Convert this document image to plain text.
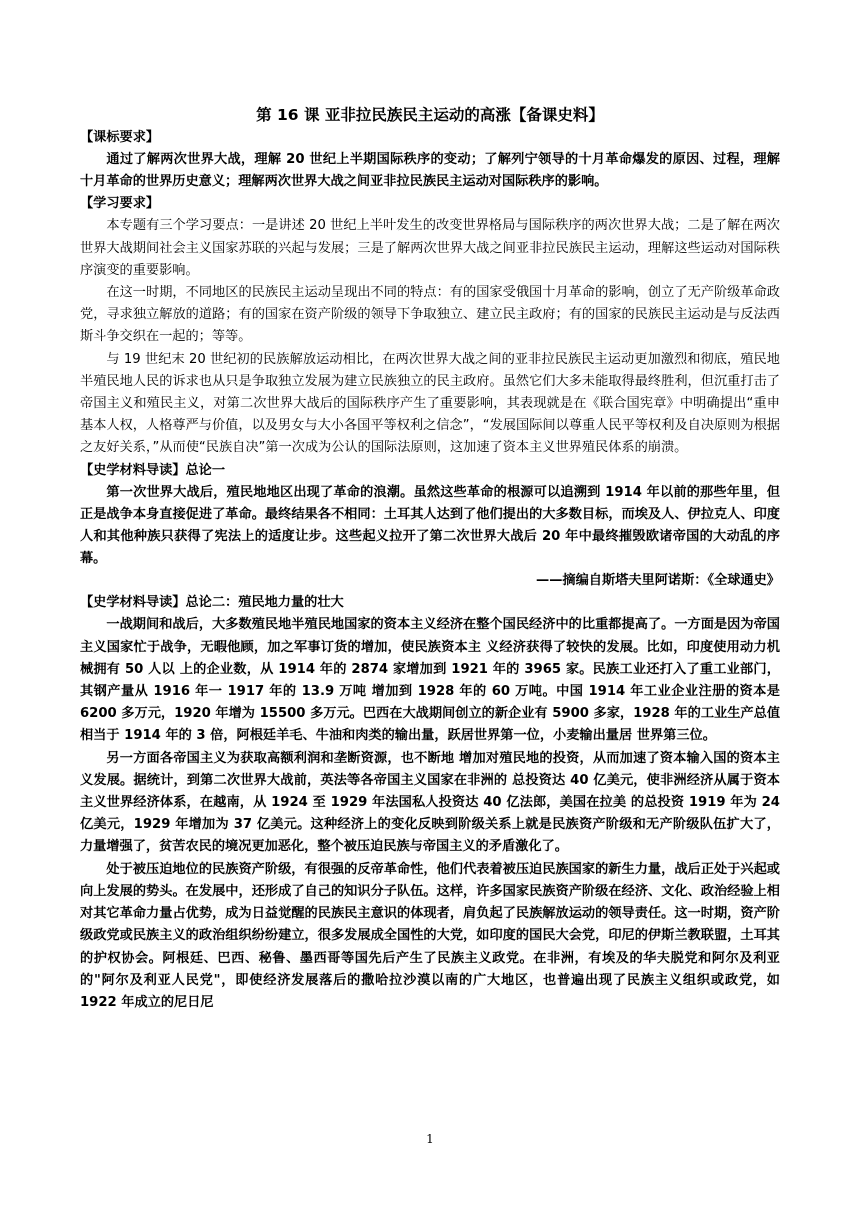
第 16 课 亚非拉民族民主运动的高涨【备课史料】

【课标要求】

通过了解两次世界大战，理解 20 世纪上半期国际秩序的变动；了解列宁领导的十月革命爆发的原因、过程，理解十月革命的世界历史意义；理解两次世界大战之间亚非拉民族民主运动对国际秩序的影响。

【学习要求】

本专题有三个学习要点：一是讲述 20 世纪上半叶发生的改变世界格局与国际秩序的两次世界大战；二是了解在两次世界大战期间社会主义国家苏联的兴起与发展；三是了解两次世界大战之间亚非拉民族民主运动，理解这些运动对国际秩序演变的重要影响。

在这一时期，不同地区的民族民主运动呈现出不同的特点：有的国家受俄国十月革命的影响，创立了无产阶级革命政党，寻求独立解放的道路；有的国家在资产阶级的领导下争取独立、建立民主政府；有的国家的民族民主运动是与反法西斯斗争交织在一起的；等等。

与 19 世纪末 20 世纪初的民族解放运动相比，在两次世界大战之间的亚非拉民族民主运动更加激烈和彻底，殖民地半殖民地人民的诉求也从只是争取独立发展为建立民族独立的民主政府。虽然它们大多未能取得最终胜利，但沉重打击了帝国主义和殖民主义，对第二次世界大战后的国际秩序产生了重要影响，其表现就是在《联合国宪章》中明确提出“重申基本人权，人格尊严与价值，以及男女与大小各国平等权利之信念”，“发展国际间以尊重人民平等权利及自决原则为根据之友好关系，”从而使“民族自决”第一次成为公认的国际法原则，这加速了资本主义世界殖民体系的崩溃。

【史学材料导读】总论一

第一次世界大战后，殖民地地区出现了革命的浪潮。虽然这些革命的根源可以追溯到 1914 年以前的那些年里，但正是战争本身直接促进了革命。最终结果各不相同：土耳其人达到了他们提出的大多数目标，而埃及人、伊拉克人、印度人和其他种族只获得了宪法上的适度让步。这些起义拉开了第二次世界大战后 20 年中最终摧毁欧诸帝国的大动乱的序幕。

——摘编自斯塔夫里阿诺斯：《全球通史》

【史学材料导读】总论二：殖民地力量的壮大

一战期间和战后，大多数殖民地半殖民地国家的资本主义经济在整个国民经济中的比重都提高了。一方面是因为帝国主义国家忙于战争，无暇他顾，加之军事订货的增加，使民族资本主 义经济获得了较快的发展。比如，印度使用动力机械拥有 50 人以 上的企业数，从 1914 年的 2874 家增加到 1921 年的 3965 家。民族工业还打入了重工业部门，其钢产量从 1916 年一 1917 年的 13.9 万吨 增加到 1928 年的 60 万吨。中国 1914 年工业企业注册的资本是 6200 多万元，1920 年增为 15500 多万元。巴西在大战期间创立的新企业有 5900 多家，1928 年的工业生产总值相当于 1914 年的 3 倍，阿根廷羊毛、牛油和肉类的输出量，跃居世界第一位，小麦输出量居 世界第三位。

另一方面各帝国主义为获取高额利润和垄断资源，也不断地 增加对殖民地的投资，从而加速了资本输入国的资本主义发展。据统计，到第二次世界大战前，英法等各帝国主义国家在非洲的 总投资达 40 亿美元，使非洲经济从属于资本主义世界经济体系，在越南，从 1924 至 1929 年法国私人投资达 40 亿法郎，美国在拉美 的总投资 1919 年为 24 亿美元，1929 年增加为 37 亿美元。这种经济上的变化反映到阶级关系上就是民族资产阶级和无产阶级队伍扩大了，力量增强了，贫苦农民的境况更加恶化，整个被压迫民族与帝国主义的矛盾激化了。

处于被压迫地位的民族资产阶级，有很强的反帝革命性，他们代表着被压迫民族国家的新生力量，战后正处于兴起或向上发展的势头。在发展中，还形成了自己的知识分子队伍。这样，许多国家民族资产阶级在经济、文化、政治经验上相对其它革命力量占优势，成为日益觉醒的民族民主意识的体现者，肩负起了民族解放运动的领导责任。这一时期，资产阶级政党或民族主义的政治组织纷纷建立，很多发展成全国性的大党，如印度的国民大会党，印尼的伊斯兰教联盟，土耳其的护权协会。阿根廷、巴西、秘鲁、墨西哥等国先后产生了民族主义政党。在非洲，有埃及的华夫脱党和阿尔及利亚的"阿尔及利亚人民党"，即使经济发展落后的撒哈拉沙漠以南的广大地区，也普遍出现了民族主义组织或政党，如 1922 年成立的尼日尼

1
